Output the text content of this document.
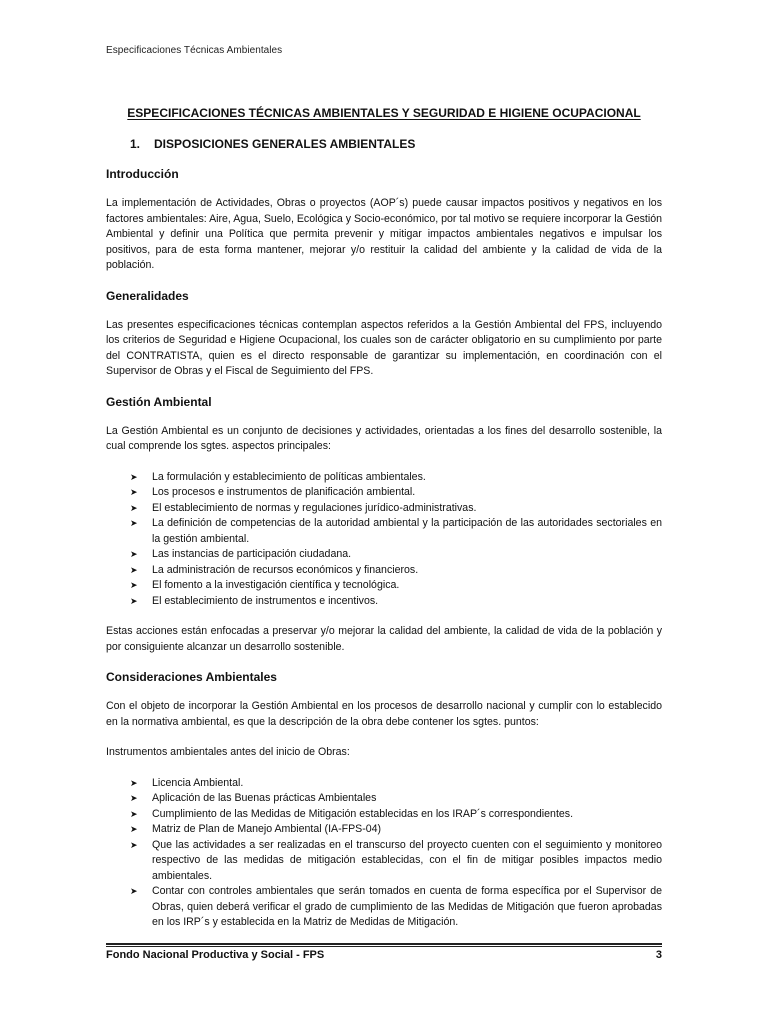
Especificaciones Técnicas Ambientales
ESPECIFICACIONES TÉCNICAS AMBIENTALES Y SEGURIDAD E HIGIENE OCUPACIONAL
1. DISPOSICIONES GENERALES AMBIENTALES
Introducción

La implementación de Actividades, Obras o proyectos (AOP´s) puede causar impactos positivos y negativos en los factores ambientales: Aire, Agua, Suelo, Ecológica y Socio-económico, por tal motivo se requiere incorporar la Gestión Ambiental y definir una Política que permita prevenir y mitigar impactos ambientales negativos e impulsar los positivos, para de esta forma mantener, mejorar y/o restituir la calidad del ambiente y la calidad de vida de la población.

Generalidades

Las presentes especificaciones técnicas contemplan aspectos referidos a la Gestión Ambiental del FPS, incluyendo los criterios de Seguridad e Higiene Ocupacional, los cuales son de carácter obligatorio en su cumplimiento por parte del CONTRATISTA, quien es el directo responsable de garantizar su implementación, en coordinación con el Supervisor de Obras y el Fiscal de Seguimiento del FPS.

Gestión Ambiental

La Gestión Ambiental es un conjunto de decisiones y actividades, orientadas a los fines del desarrollo sostenible, la cual comprende los sgtes. aspectos principales:

➤ La formulación y establecimiento de políticas ambientales.
➤ Los procesos e instrumentos de planificación ambiental.
➤ El establecimiento de normas y regulaciones jurídico-administrativas.
➤ La definición de competencias de la autoridad ambiental y la participación de las autoridades sectoriales en la gestión ambiental.
➤ Las instancias de participación ciudadana.
➤ La administración de recursos económicos y financieros.
➤ El fomento a la investigación científica y tecnológica.
➤ El establecimiento de instrumentos e incentivos.

Estas acciones están enfocadas a preservar y/o mejorar la calidad del ambiente, la calidad de vida de la población y por consiguiente alcanzar un desarrollo sostenible.

Consideraciones Ambientales

Con el objeto de incorporar la Gestión Ambiental en los procesos de desarrollo nacional y cumplir con lo establecido en la normativa ambiental, es que la descripción de la obra debe contener los sgtes. puntos:

Instrumentos ambientales antes del inicio de Obras:

➤ Licencia Ambiental.
➤ Aplicación de las Buenas prácticas Ambientales
➤ Cumplimiento de las Medidas de Mitigación establecidas en los IRAP´s correspondientes.
➤ Matriz de Plan de Manejo Ambiental (IA-FPS-04)
➤ Que las actividades a ser realizadas en el transcurso del proyecto cuenten con el seguimiento y monitoreo respectivo de las medidas de mitigación establecidas, con el fin de mitigar posibles impactos medio ambientales.
➤ Contar con controles ambientales que serán tomados en cuenta de forma específica por el Supervisor de Obras, quien deberá verificar el grado de cumplimiento de las Medidas de Mitigación que fueron aprobadas en los IRP´s y establecida en la Matriz de Medidas de Mitigación.
Fondo Nacional Productiva y Social - FPS	3
